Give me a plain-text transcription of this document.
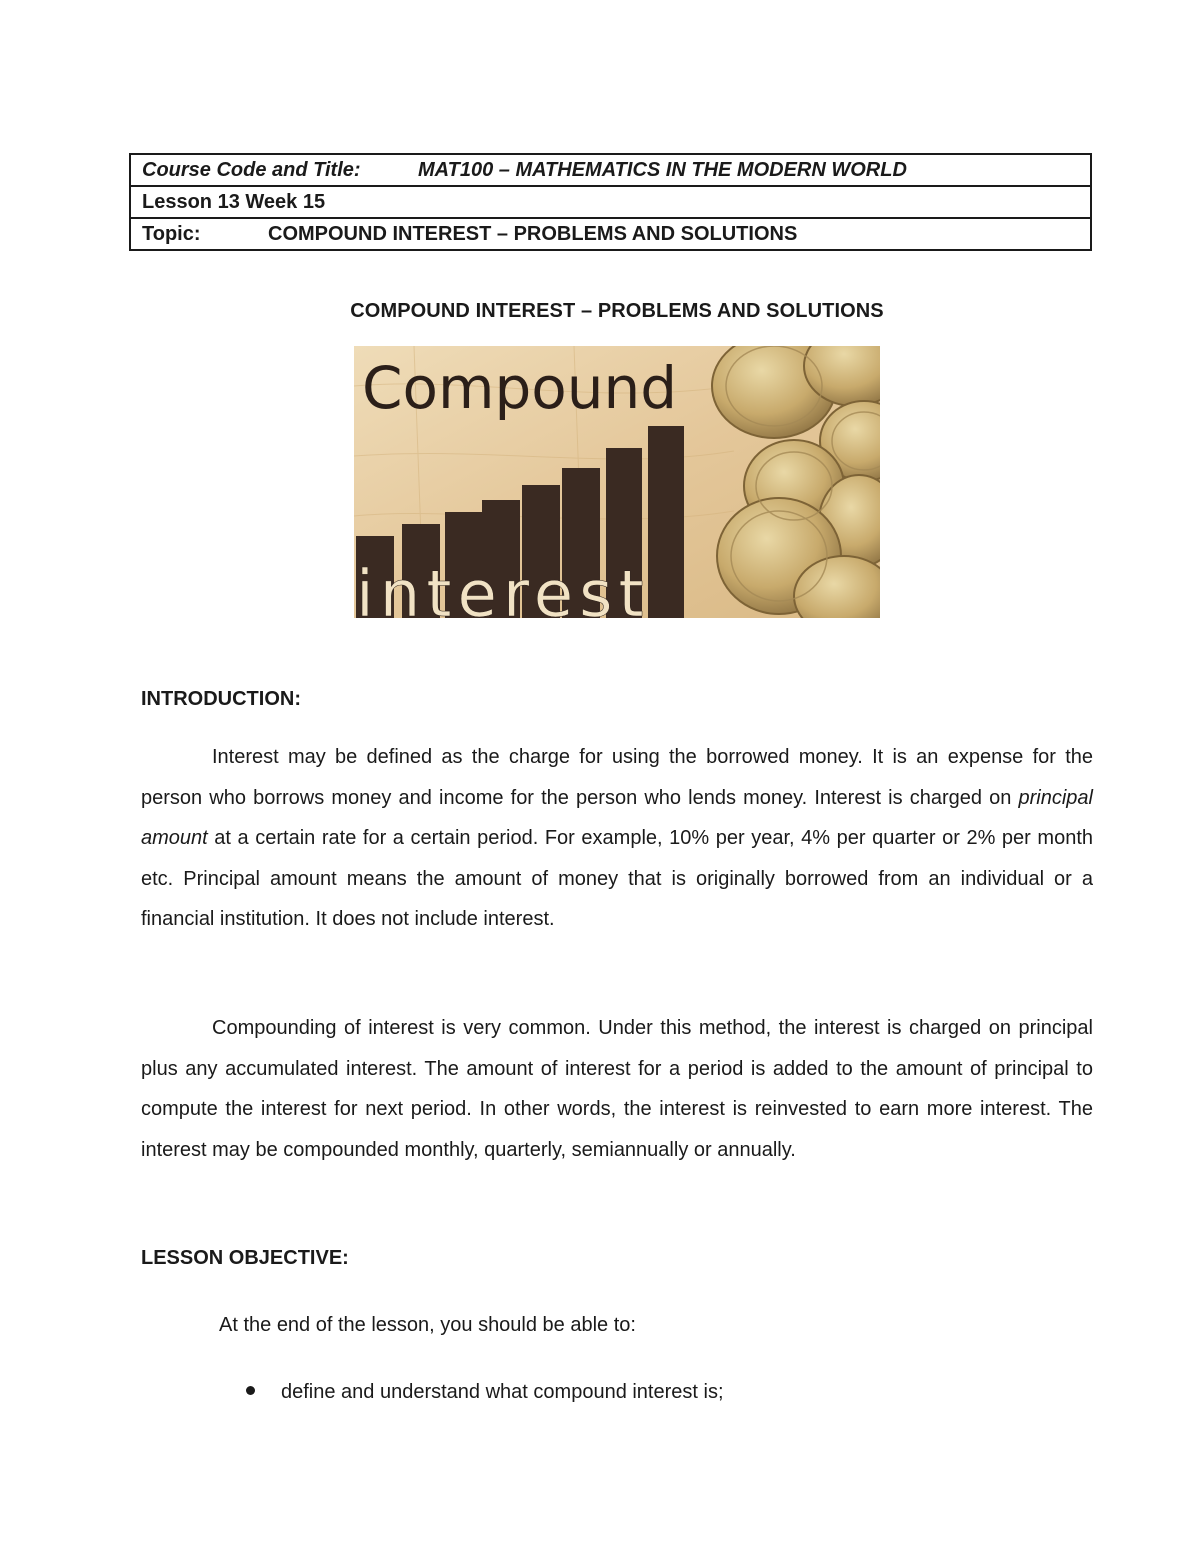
Course Code and Title:	MAT100 – MATHEMATICS IN THE MODERN WORLD
Lesson 13 Week 15
Topic:	COMPOUND INTEREST – PROBLEMS AND SOLUTIONS
COMPOUND INTEREST – PROBLEMS AND SOLUTIONS
Compound
interest
INTRODUCTION:

Interest may be defined as the charge for using the borrowed money. It is an expense for the person who borrows money and income for the person who lends money. Interest is charged on principal amount at a certain rate for a certain period. For example, 10% per year, 4% per quarter or 2% per month etc. Principal amount means the amount of money that is originally borrowed from an individual or a financial institution. It does not include interest.

Compounding of interest is very common. Under this method, the interest is charged on principal plus any accumulated interest. The amount of interest for a period is added to the amount of principal to compute the interest for next period. In other words, the interest is reinvested to earn more interest. The interest may be compounded monthly, quarterly, semiannually or annually.

LESSON OBJECTIVE:
At the end of the lesson, you should be able to:
define and understand what compound interest is;
